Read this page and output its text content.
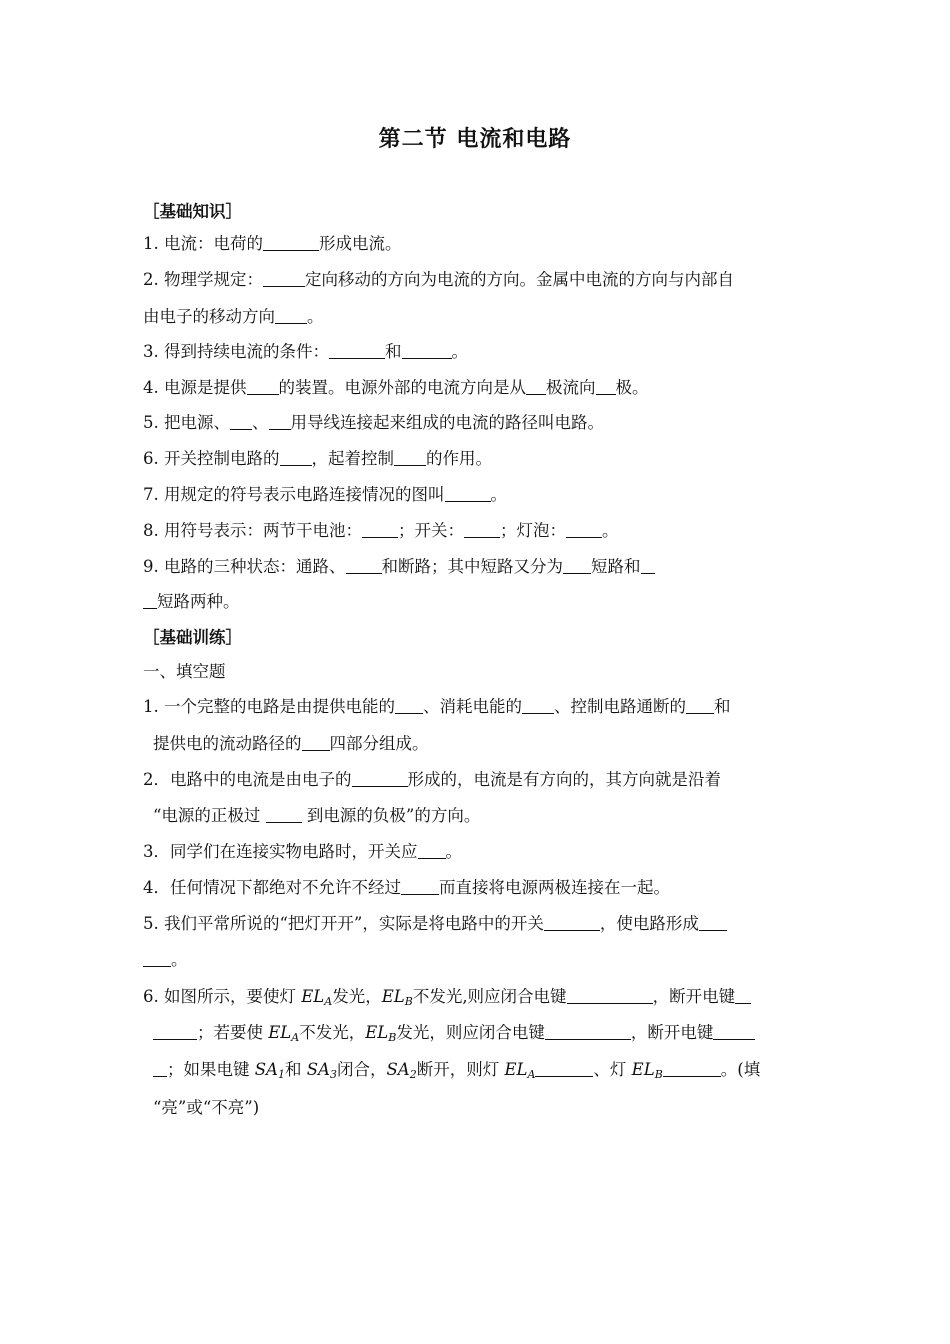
第二节 电流和电路
［基础知识］
1. 电流：电荷的	形成电流。
2. 物理学规定：	定向移动的方向为电流的方向。金属中电流的方向与内部自
由电子的移动方向 。
3. 得到持续电流的条件：	和	。
4. 电源是提供 的装置。电源外部的电流方向是从 极流向 极。
5. 把电源、 、 用导线连接起来组成的电流的路径叫电路。
6. 开关控制电路的 ，起着控制 的作用。
7. 用规定的符号表示电路连接情况的图叫	。
8. 用符号表示：两节干电池： ；开关： ；灯泡： 。
9. 电路的三种状态：通路、 和断路；其中短路又分为 短路和
短路两种。
［基础训练］
一、填空题
1. 一个完整的电路是由提供电能的 、消耗电能的 、控制电路通断的 和
提供电的流动路径的 四部分组成。
2．电路中的电流是由电子的	形成的，电流是有方向的，其方向就是沿着
“电源的正极过  到电源的负极”的方向。
3．同学们在连接实物电路时，开关应 。
4．任何情况下都绝对不允许不经过 而直接将电源两极连接在一起。
5. 我们平常所说的“把灯开开”，实际是将电路中的开关	，使电路形成
。
6. 如图所示，要使灯 $EL_A$发光，$EL_B$不发光,则应闭合电键	，断开电键
；若要使 $EL_A$不发光，$EL_B$发光，则应闭合电键	，断开电键
；如果电键 $SA_1$和 $SA_3$闭合，$SA_2$断开，则灯 $EL_A$	、灯 $EL_B$	。(填
“亮”或“不亮”)
